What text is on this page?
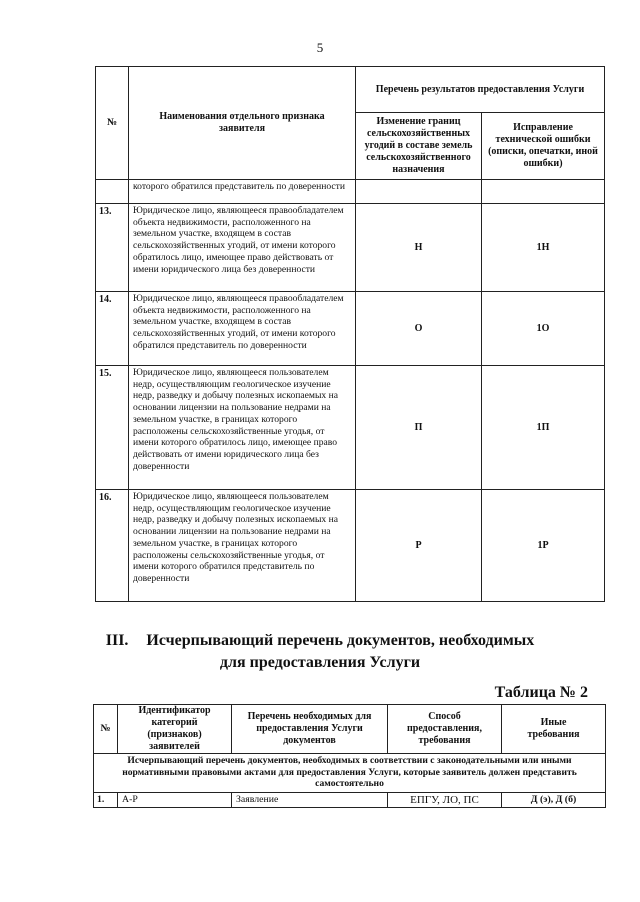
5
№	Наименования отдельного признака заявителя	Перечень результатов предоставления Услуги	
		Изменение границ сельскохозяйственных угодий в составе земель сельскохозяйственного назначения	Исправление технической ошибки (описки, опечатки, иной ошибки)
	которого обратился представитель по доверенности		
13.	Юридическое лицо, являющееся правообладателем объекта недвижимости, расположенного на земельном участке, входящем в состав сельскохозяйственных угодий, от имени которого обратилось лицо, имеющее право действовать от имени юридического лица без доверенности	Н	1Н
14.	Юридическое лицо, являющееся правообладателем объекта недвижимости, расположенного на земельном участке, входящем в состав сельскохозяйственных угодий, от имени которого обратился представитель по доверенности	О	1О
15.	Юридическое лицо, являющееся пользователем недр, осуществляющим геологическое изучение недр, разведку и добычу полезных ископаемых на основании лицензии на пользование недрами на земельном участке, в границах которого расположены сельскохозяйственные угодья, от имени которого обратилось лицо, имеющее право действовать от имени юридического лица без доверенности	П	1П
16.	Юридическое лицо, являющееся пользователем недр, осуществляющим геологическое изучение недр, разведку и добычу полезных ископаемых на основании лицензии на пользование недрами на земельном участке, в границах которого расположены сельскохозяйственные угодья, от имени которого обратился представитель по доверенности	Р	1Р
III. Исчерпывающий перечень документов, необходимых
для предоставления Услуги
Таблица № 2
№	Идентификатор категорий (признаков) заявителей	Перечень необходимых для предоставления Услуги документов	Способ предоставления, требования	Иные требования
Исчерпывающий перечень документов, необходимых в соответствии с законодательными или иными нормативными правовыми актами для предоставления Услуги, которые заявитель должен представить самостоятельно				
1.	А-Р	Заявление	ЕПГУ, ЛО, ПС	Д (э), Д (б)
